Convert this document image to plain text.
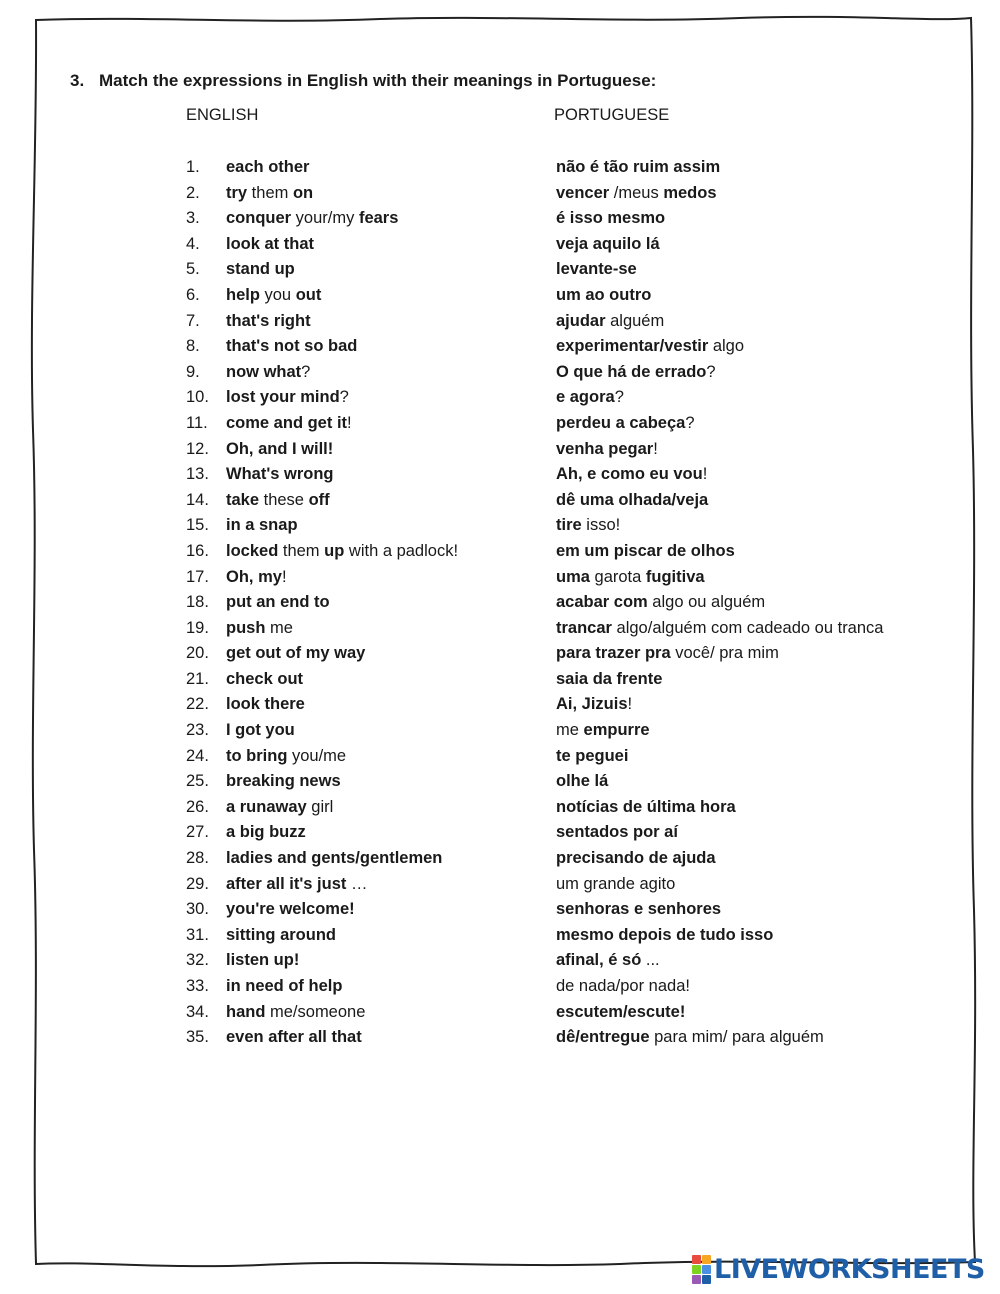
3. Match the expressions in English with their meanings in Portuguese:
ENGLISH	PORTUGUESE
1. each other	não é tão ruim assim
2. try them on	vencer /meus medos
3. conquer your/my fears	é isso mesmo
4. look at that	veja aquilo lá
5. stand up	levante-se
6. help you out	um ao outro
7. that's right	ajudar alguém
8. that's not so bad	experimentar/vestir algo
9. now what?	O que há de errado?
10. lost your mind?	e agora?
11. come and get it!	perdeu a cabeça?
12. Oh, and I will!	venha pegar!
13. What's wrong	Ah, e como eu vou!
14. take these off	dê uma olhada/veja
15. in a snap	tire isso!
16. locked them up with a padlock!	em um piscar de olhos
17. Oh, my!	uma garota fugitiva
18. put an end to	acabar com algo ou alguém
19. push me	trancar algo/alguém com cadeado ou tranca
20. get out of my way	para trazer pra você/ pra mim
21. check out	saia da frente
22. look there	Ai, Jizuis!
23. I got you	me empurre
24. to bring you/me	te peguei
25. breaking news	olhe lá
26. a runaway girl	notícias de última hora
27. a big buzz	sentados por aí
28. ladies and gents/gentlemen	precisando de ajuda
29. after all it's just …	um grande agito
30. you're welcome!	senhoras e senhores
31. sitting around	mesmo depois de tudo isso
32. listen up!	afinal, é só ...
33. in need of help	de nada/por nada!
34. hand me/someone	escutem/escute!
35. even after all that	dê/entregue para mim/ para alguém
LIVEWORKSHEETS
